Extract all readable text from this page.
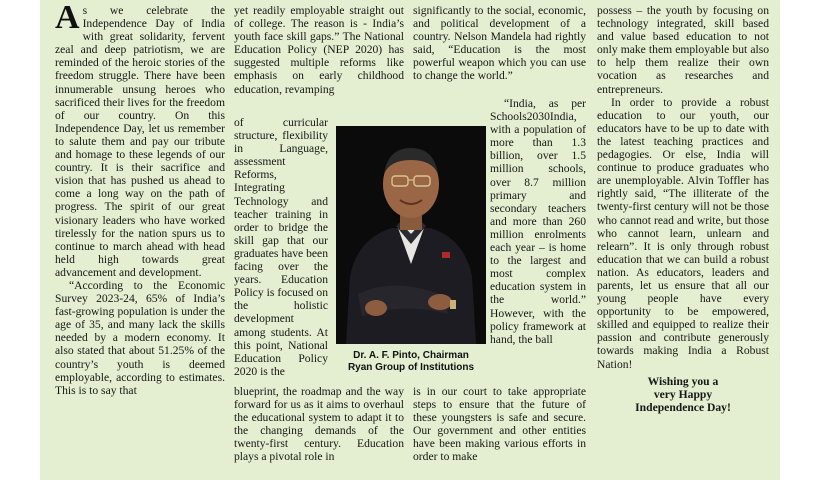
As we celebrate the Independence Day of India with great solidarity, fervent zeal and deep patriotism, we are reminded of the heroic stories of the freedom struggle. There have been innumerable unsung heroes who sacrificed their lives for the freedom of our country. On this Independence Day, let us remember to salute them and pay our tribute and homage to these legends of our country. It is their sacrifice and vision that has pushed us ahead to come a long way on the path of progress. The spirit of our great visionary leaders who have worked tirelessly for the nation spurs us to continue to march ahead with head held high towards great advancement and development.

“According to the Economic Survey 2023-24, 65% of India’s fast-growing population is under the age of 35, and many lack the skills needed by a modern economy. It also stated that about 51.25% of the country’s youth is deemed employable, according to estimates. This is to say that

yet readily employable straight out of college. The reason is - India’s youth face skill gaps.” The National Education Policy (NEP 2020) has suggested multiple reforms like emphasis on early childhood education, revamping

of curricular structure, flexibility in Language, assessment Reforms, Integrating Technology and teacher training in order to bridge the skill gap that our graduates have been facing over the years. Education Policy is focused on the holistic development among students. At this point, National Education Policy 2020 is the

blueprint, the roadmap and the way forward for us as it aims to overhaul the educational system to adapt it to the changing demands of the twenty-first century. Education plays a pivotal role in

Dr. A. F. Pinto, Chairman
Ryan Group of Institutions

significantly to the social, economic, and political development of a country. Nelson Mandela had rightly said, “Education is the most powerful weapon which you can use to change the world.”

“India, as per Schools2030India, with a population of more than 1.3 billion, over 1.5 million schools, over 8.7 million primary and secondary teachers and more than 260 million enrolments each year – is home to the largest and most complex education system in the world.” However, with the policy framework at hand, the ball

is in our court to take appropriate steps to ensure that the future of these youngsters is safe and secure. Our government and other entities have been making various efforts in order to make

possess – the youth by focusing on technology integrated, skill based and value based education to not only make them employable but also to help them realize their own vocation as researches and entrepreneurs.

In order to provide a robust education to our youth, our educators have to be up to date with the latest teaching practices and pedagogies. Or else, India will continue to produce graduates who are unemployable. Alvin Toffler has rightly said, “The illiterate of the twenty-first century will not be those who cannot read and write, but those who cannot learn, unlearn and relearn”. It is only through robust education that we can build a robust nation. As educators, leaders and parents, let us ensure that all our young people have every opportunity to be empowered, skilled and equipped to realize their passion and contribute generously towards making India a Robust Nation!

Wishing you a
very Happy
Independence Day!
